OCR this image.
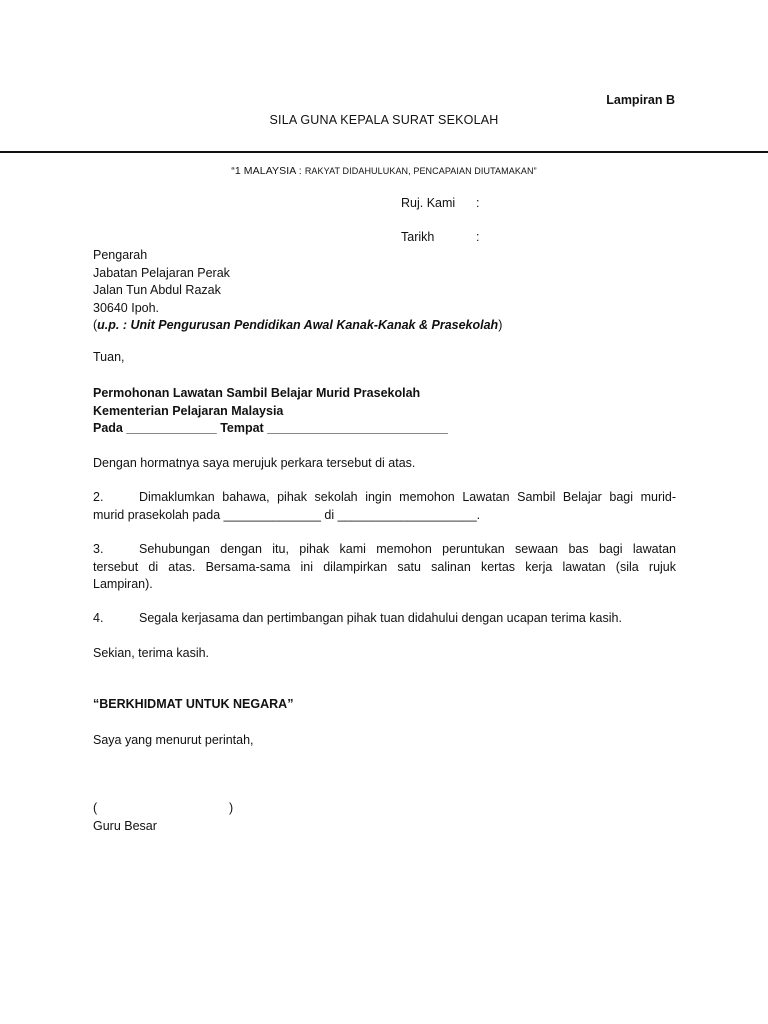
Lampiran B
SILA GUNA KEPALA SURAT SEKOLAH
“1 MALAYSIA : RAKYAT DIDAHULUKAN, PENCAPAIAN DIUTAMAKAN”
Ruj. Kami :
Tarikh	:
Pengarah
Jabatan Pelajaran Perak
Jalan Tun Abdul Razak
30640 Ipoh.
(u.p. : Unit Pengurusan Pendidikan Awal Kanak-Kanak & Prasekolah)
Tuan,
Permohonan Lawatan Sambil Belajar Murid Prasekolah
Kementerian Pelajaran Malaysia
Pada _____________ Tempat __________________________
Dengan hormatnya saya merujuk perkara tersebut di atas.
2.	Dimaklumkan bahawa, pihak sekolah ingin memohon Lawatan Sambil Belajar bagi murid-
murid prasekolah pada ______________ di ____________________.
3.	Sehubungan dengan itu, pihak kami memohon peruntukan sewaan bas bagi lawatan
tersebut di atas. Bersama-sama ini dilampirkan satu salinan kertas kerja lawatan (sila rujuk
Lampiran).
4.	Segala kerjasama dan pertimbangan pihak tuan didahului dengan ucapan terima kasih.
Sekian, terima kasih.
“BERKHIDMAT UNTUK NEGARA”
Saya yang menurut perintah,
(	)
Guru Besar
